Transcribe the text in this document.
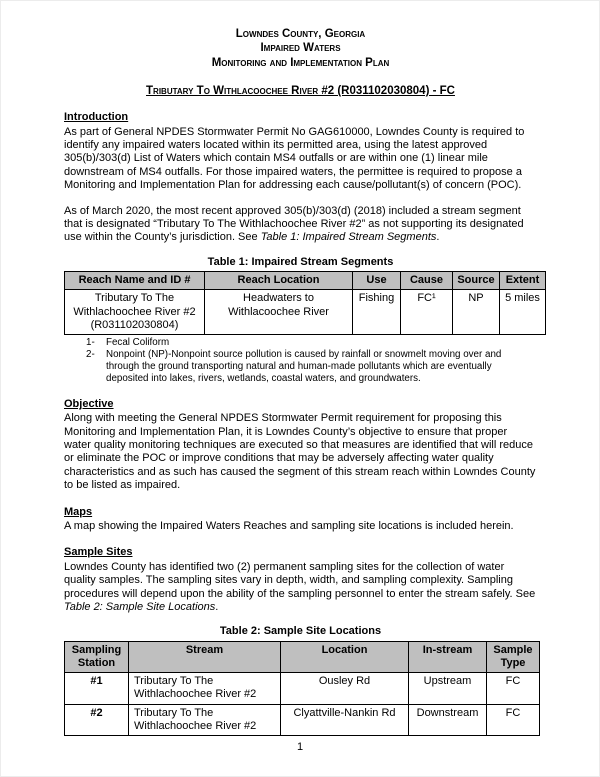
Lowndes County, Georgia
Impaired Waters
Monitoring and Implementation Plan
Tributary To Withlacoochee River #2 (R031102030804) - FC
Introduction

As part of General NPDES Stormwater Permit No GAG610000, Lowndes County is required to identify any impaired waters located within its permitted area, using the latest approved 305(b)/303(d) List of Waters which contain MS4 outfalls or are within one (1) linear mile downstream of MS4 outfalls. For those impaired waters, the permittee is required to propose a Monitoring and Implementation Plan for addressing each cause/pollutant(s) of concern (POC).

As of March 2020, the most recent approved 305(b)/303(d) (2018) included a stream segment that is designated “Tributary To The Withlachoochee River #2” as not supporting its designated use within the County’s jurisdiction. See Table 1: Impaired Stream Segments.

Table 1: Impaired Stream Segments
Reach Name and ID #	Reach Location	Use	Cause	Source	Extent
Tributary To The Withlachoochee River #2 (R031102030804)	Headwaters to Withlacoochee River	Fishing	FC¹	NP	5 miles
1-	Fecal Coliform
2-	Nonpoint (NP)-Nonpoint source pollution is caused by rainfall or snowmelt moving over and through the ground transporting natural and human-made pollutants which are eventually deposited into lakes, rivers, wetlands, coastal waters, and groundwaters.
Objective

Along with meeting the General NPDES Stormwater Permit requirement for proposing this Monitoring and Implementation Plan, it is Lowndes County’s objective to ensure that proper water quality monitoring techniques are executed so that measures are identified that will reduce or eliminate the POC or improve conditions that may be adversely affecting water quality characteristics and as such has caused the segment of this stream reach within Lowndes County to be listed as impaired.

Maps

A map showing the Impaired Waters Reaches and sampling site locations is included herein.

Sample Sites

Lowndes County has identified two (2) permanent sampling sites for the collection of water quality samples. The sampling sites vary in depth, width, and sampling complexity. Sampling procedures will depend upon the ability of the sampling personnel to enter the stream safely. See Table 2: Sample Site Locations.

Table 2: Sample Site Locations
Sampling Station	Stream	Location	In-stream	Sample Type
#1	Tributary To The Withlachoochee River #2	Ousley Rd	Upstream	FC
#2	Tributary To The Withlachoochee River #2	Clyattville-Nankin Rd	Downstream	FC
1
